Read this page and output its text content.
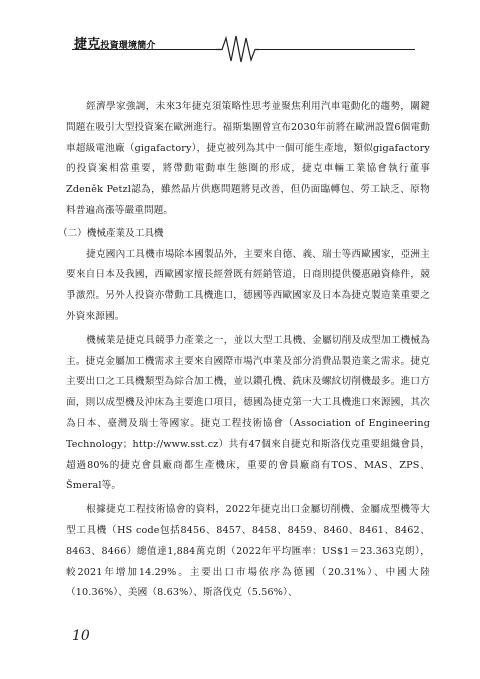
捷克投資環境簡介

經濟學家強調，未來3年捷克須策略性思考並聚焦利用汽車電動化的趨勢，關鍵問題在吸引大型投資案在歐洲進行。福斯集團曾宣布2030年前將在歐洲設置6個電動車超級電池廠（gigafactory），捷克被列為其中一個可能生產地，類似gigafactory的投資案相當重要，將帶動電動車生態圈的形成，捷克車輛工業協會執行董事Zdeněk Petzl認為，雖然晶片供應問題將見改善，但仍面臨轉包、勞工缺乏、原物料普遍高漲等嚴重問題。

（二）機械產業及工具機

捷克國內工具機市場除本國製品外，主要來自德、義、瑞士等西歐國家，亞洲主要來自日本及我國，西歐國家擅長經營既有經銷管道，日商則提供優惠融資條件，競爭激烈。另外人投資亦帶動工具機進口，德國等西歐國家及日本為捷克製造業重要之外資來源國。

機械業是捷克具競爭力產業之一，並以大型工具機、金屬切削及成型加工機械為主。捷克金屬加工機需求主要來自國際市場汽車業及部分消費品製造業之需求。捷克主要出口之工具機類型為綜合加工機，並以鑽孔機、銑床及螺紋切削機最多。進口方面，則以成型機及沖床為主要進口項目，德國為捷克第一大工具機進口來源國，其次為日本、臺灣及瑞士等國家。捷克工程技術協會（Association of Engineering Technology；http://www.sst.cz）共有47個來自捷克和斯洛伐克重要組織會員，超過80%的捷克會員廠商都生產機床，重要的會員廠商有TOS、MAS、ZPS、Šmeral等。

根據捷克工程技術協會的資料，2022年捷克出口金屬切削機、金屬成型機等大型工具機（HS code包括8456、8457、8458、8459、8460、8461、8462、8463、8466）總值達1,884萬克朗（2022年平均匯率：US$1＝23.363克朗），較2021年增加14.29%。主要出口市場依序為德國（20.31%）、中國大陸（10.36%）、美國（8.63%）、斯洛伐克（5.56%）、

10
